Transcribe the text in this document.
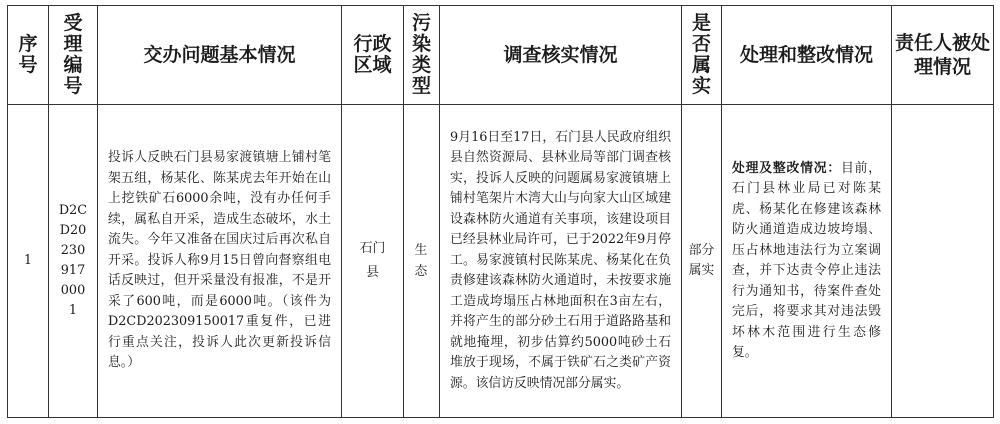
序号	受理编号	交办问题基本情况	行政区域	污染类型	调查核实情况	是否属实	处理和整改情况	责任人被处理情况

1	D2CD20230917000 1	投诉人反映石门县易家渡镇塘上铺村笔架五组，杨某化、陈某虎去年开始在山上挖铁矿石6000余吨，没有办任何手续，属私自开采，造成生态破坏，水土流失。今年又准备在国庆过后再次私自开采。投诉人称9月15日曾向督察组电话反映过，但开采量没有报准，不是开采了600吨，而是6000吨。（该件为D2CD202309150017重复件，已进行重点关注，投诉人此次更新投诉信息。）	石门县	生态	9月16日至17日，石门县人民政府组织县自然资源局、县林业局等部门调查核实，投诉人反映的问题属易家渡镇塘上铺村笔架片木湾大山与向家大山区域建设森林防火通道有关事项，该建设项目已经县林业局许可，已于2022年9月停工。易家渡镇村民陈某虎、杨某化在负责修建该森林防火通道时，未按要求施工造成垮塌压占林地面积在3亩左右，并将产生的部分砂土石用于道路路基和就地掩埋，初步估算约5000吨砂土石堆放于现场，不属于铁矿石之类矿产资源。该信访反映情况部分属实。	部分属实	处理及整改情况：目前，石门县林业局已对陈某虎、杨某化在修建该森林防火通道造成边坡垮塌、压占林地违法行为立案调查，并下达责令停止违法行为通知书，待案件查处完后，将要求其对违法毁坏林木范围进行生态修复。	
